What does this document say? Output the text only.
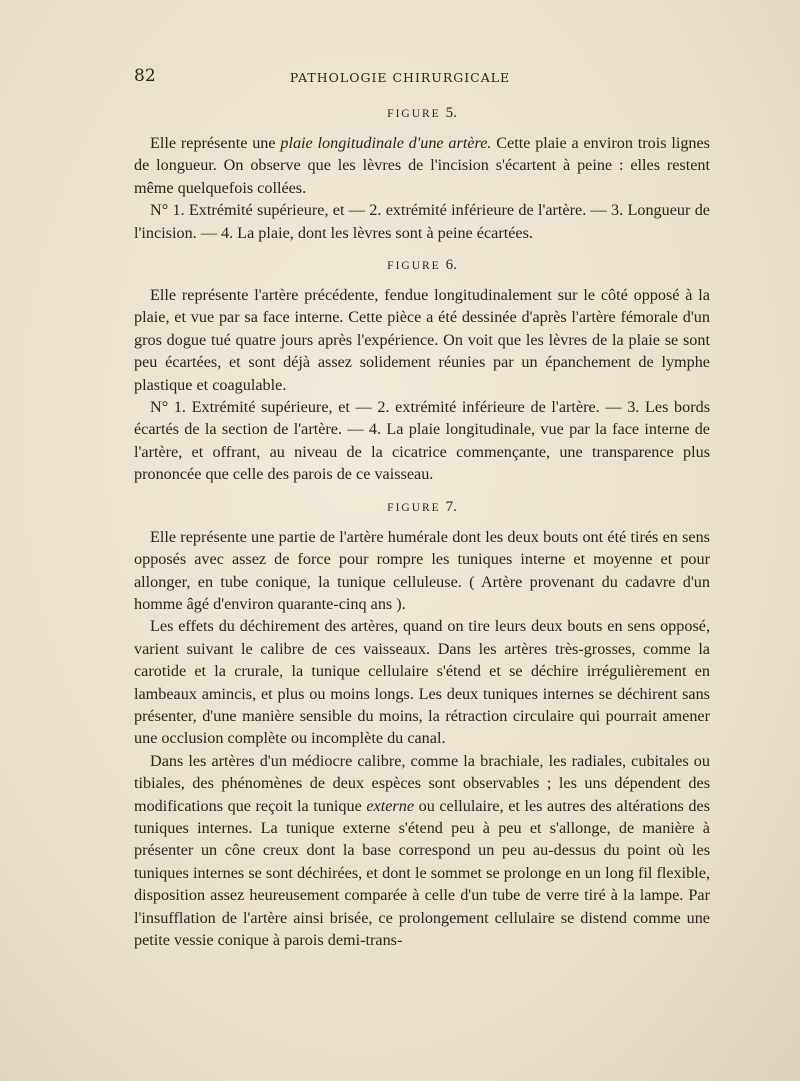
82	PATHOLOGIE CHIRURGICALE
FIGURE 5.

Elle représente une plaie longitudinale d'une artère. Cette plaie a environ trois lignes de longueur. On observe que les lèvres de l'incision s'écartent à peine : elles restent même quelquefois collées.

N° 1. Extrémité supérieure, et — 2. extrémité inférieure de l'artère. — 3. Longueur de l'incision. — 4. La plaie, dont les lèvres sont à peine écartées.

FIGURE 6.

Elle représente l'artère précédente, fendue longitudinalement sur le côté opposé à la plaie, et vue par sa face interne. Cette pièce a été dessinée d'après l'artère fémorale d'un gros dogue tué quatre jours après l'expérience. On voit que les lèvres de la plaie se sont peu écartées, et sont déjà assez solidement réunies par un épanchement de lymphe plastique et coagulable.

N° 1. Extrémité supérieure, et — 2. extrémité inférieure de l'artère. — 3. Les bords écartés de la section de l'artère. — 4. La plaie longitudinale, vue par la face interne de l'artère, et offrant, au niveau de la cicatrice commençante, une transparence plus prononcée que celle des parois de ce vaisseau.

FIGURE 7.

Elle représente une partie de l'artère humérale dont les deux bouts ont été tirés en sens opposés avec assez de force pour rompre les tuniques interne et moyenne et pour allonger, en tube conique, la tunique celluleuse. ( Artère provenant du cadavre d'un homme âgé d'environ quarante-cinq ans ).

Les effets du déchirement des artères, quand on tire leurs deux bouts en sens opposé, varient suivant le calibre de ces vaisseaux. Dans les artères très-grosses, comme la carotide et la crurale, la tunique cellulaire s'étend et se déchire irrégulièrement en lambeaux amincis, et plus ou moins longs. Les deux tuniques internes se déchirent sans présenter, d'une manière sensible du moins, la rétraction circulaire qui pourrait amener une occlusion complète ou incomplète du canal.

Dans les artères d'un médiocre calibre, comme la brachiale, les radiales, cubitales ou tibiales, des phénomènes de deux espèces sont observables ; les uns dépendent des modifications que reçoit la tunique externe ou cellulaire, et les autres des altérations des tuniques internes. La tunique externe s'étend peu à peu et s'allonge, de manière à présenter un cône creux dont la base correspond un peu au-dessus du point où les tuniques internes se sont déchirées, et dont le sommet se prolonge en un long fil flexible, disposition assez heureusement comparée à celle d'un tube de verre tiré à la lampe. Par l'insufflation de l'artère ainsi brisée, ce prolongement cellulaire se distend comme une petite vessie conique à parois demi-trans-
